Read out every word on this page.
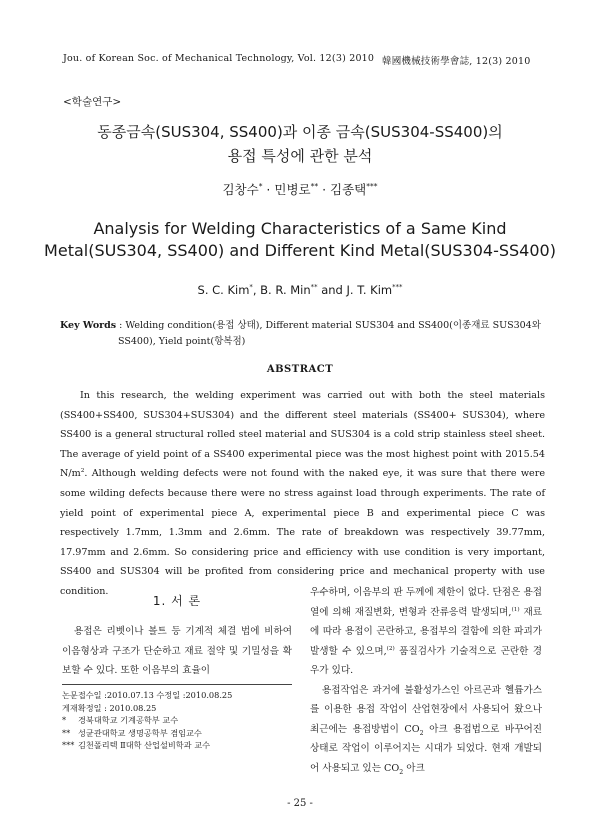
Jou. of Korean Soc. of Mechanical Technology, Vol. 12(3) 2010 韓國機械技術學會誌, 12(3) 2010
<학술연구>
동종금속(SUS304, SS400)과 이종 금속(SUS304-SS400)의
용접 특성에 관한 분석
김창수* · 민병로** · 김종택***
Analysis for Welding Characteristics of a Same Kind
Metal(SUS304, SS400) and Different Kind Metal(SUS304-SS400)
S. C. Kim*, B. R. Min** and J. T. Kim***
Key Words : Welding condition(용접 상태), Different material SUS304 and SS400(이종재료 SUS304와
SS400), Yield point(항복점)
ABSTRACT
In this research, the welding experiment was carried out with both the steel materials (SS400+SS400, SUS304+SUS304) and the different steel materials (SS400+ SUS304), where SS400 is a general structural rolled steel material and SUS304 is a cold strip stainless steel sheet. The average of yield point of a SS400 experimental piece was the most highest point with 2015.54 $N/m^2$. Although welding defects were not found with the naked eye, it was sure that there were some wilding defects because there were no stress against load through experiments. The rate of yield point of experimental piece A, experimental piece B and experimental piece C was respectively 1.7mm, 1.3mm and 2.6mm. The rate of breakdown was respectively 39.77mm, 17.97mm and 2.6mm. So considering price and efficiency with use condition is very important, SS400 and SUS304 will be profited from considering price and mechanical property with use condition.
1. 서 론
용접은 리벳이나 볼트 등 기계적 체결 법에 비하여 이음형상과 구조가 단순하고 재료 절약 및 기밀성을 확보할 수 있다. 또한 이음부의 효율이
논문접수일 :2010.07.13 수정일 :2010.08.25
게재확정일 : 2010.08.25
* 경북대학교 기계공학부 교수
** 성균관대학교 생명공학부 겸임교수
*** 김천폴리텍 Ⅱ대학 산업설비학과 교수

우수하며, 이음부의 판 두께에 제한이 없다. 단점은 용접 열에 의해 재질변화, 변형과 잔류응력 발생되며,$^{(1)}$ 재료에 따라 용접이 곤란하고, 용접부의 결함에 의한 파괴가 발생할 수 있으며,$^{(2)}$ 품질검사가 기술적으로 곤란한 경우가 있다.

용접작업은 과거에 불활성가스인 아르곤과 헬륨가스를 이용한 용접 작업이 산업현장에서 사용되어 왔으나 최근에는 용접방법이 $CO_2$ 아크 용접법으로 바꾸어진 상태로 작업이 이루어지는 시대가 되었다. 현재 개발되어 사용되고 있는 $CO_2$ 아크

- 25 -
